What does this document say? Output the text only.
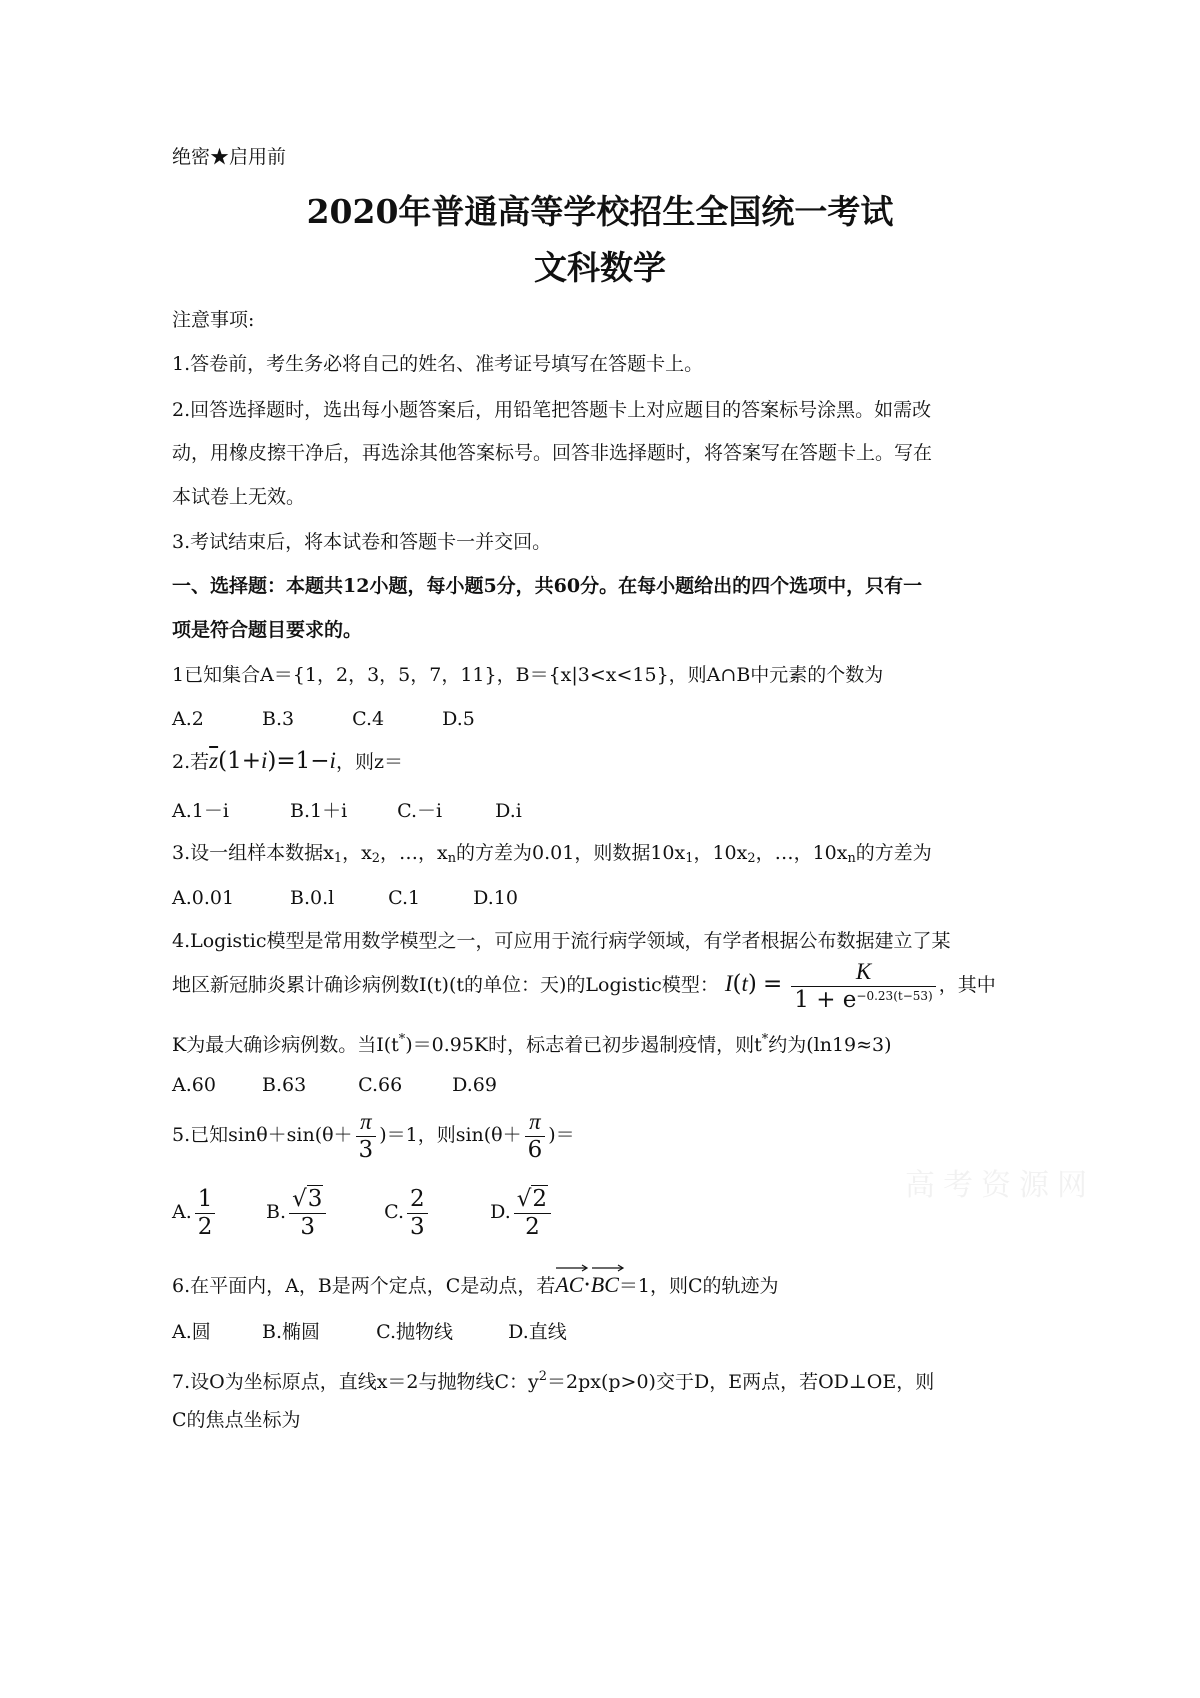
绝密★启用前
2020年普通高等学校招生全国统一考试
文科数学
注意事项:
1.答卷前，考生务必将自己的姓名、准考证号填写在答题卡上。
2.回答选择题时，选出每小题答案后，用铅笔把答题卡上对应题目的答案标号涂黑。如需改
动，用橡皮擦干净后，再选涂其他答案标号。回答非选择题时，将答案写在答题卡上。写在
本试卷上无效。
3.考试结束后，将本试卷和答题卡一并交回。
一、选择题：本题共12小题，每小题5分，共60分。在每小题给出的四个选项中，只有一
项是符合题目要求的。
1已知集合A＝{1，2，3，5，7，11}，B＝{x|3<x<15}，则A∩B中元素的个数为
A.2	B.3	C.4	D.5
2.若$\overline{z}(1+i)=1-i$，则z＝
A.1－i	B.1＋i	C.－i	D.i
3.设一组样本数据$x_1$，$x_2$，…，$x_n$的方差为0.01，则数据$10x_1$，$10x_2$，…，$10x_n$的方差为
A.0.01	B.0.l	C.1	D.10
4.Logistic模型是常用数学模型之一，可应用于流行病学领域，有学者根据公布数据建立了某
地区新冠肺炎累计确诊病例数I(t)(t的单位：天)的Logistic模型： $I(t) = \frac{K}{1 + e^{-0.23(t-53)}}$ ，其中
K为最大确诊病例数。当I(t*)＝0.95K时，标志着已初步遏制疫情，则t*约为(ln19≈3)
A.60 B.63	C.66	D.69
5.已知$\sin\theta+\sin(\theta+ \frac{\pi}{3} )=1$，则$\sin(\theta+ \frac{\pi}{6}$ )＝
A. $\frac{1}{2}$	B. $\frac{√3}{3}$	C. $\frac{2}{3}$	D. $\frac{√2}{2}$
6.在平面内，A，B是两个定点，C是动点，若
AC·
BC＝1，则C的轨迹为
A.圆	B.椭圆	C.抛物线	D.直线
7.设O为坐标原点，直线x＝2与抛物线C：$y^2=2px(p>0)$交于D，E两点，若OD⊥OE，则
C的焦点坐标为
高考资源网
